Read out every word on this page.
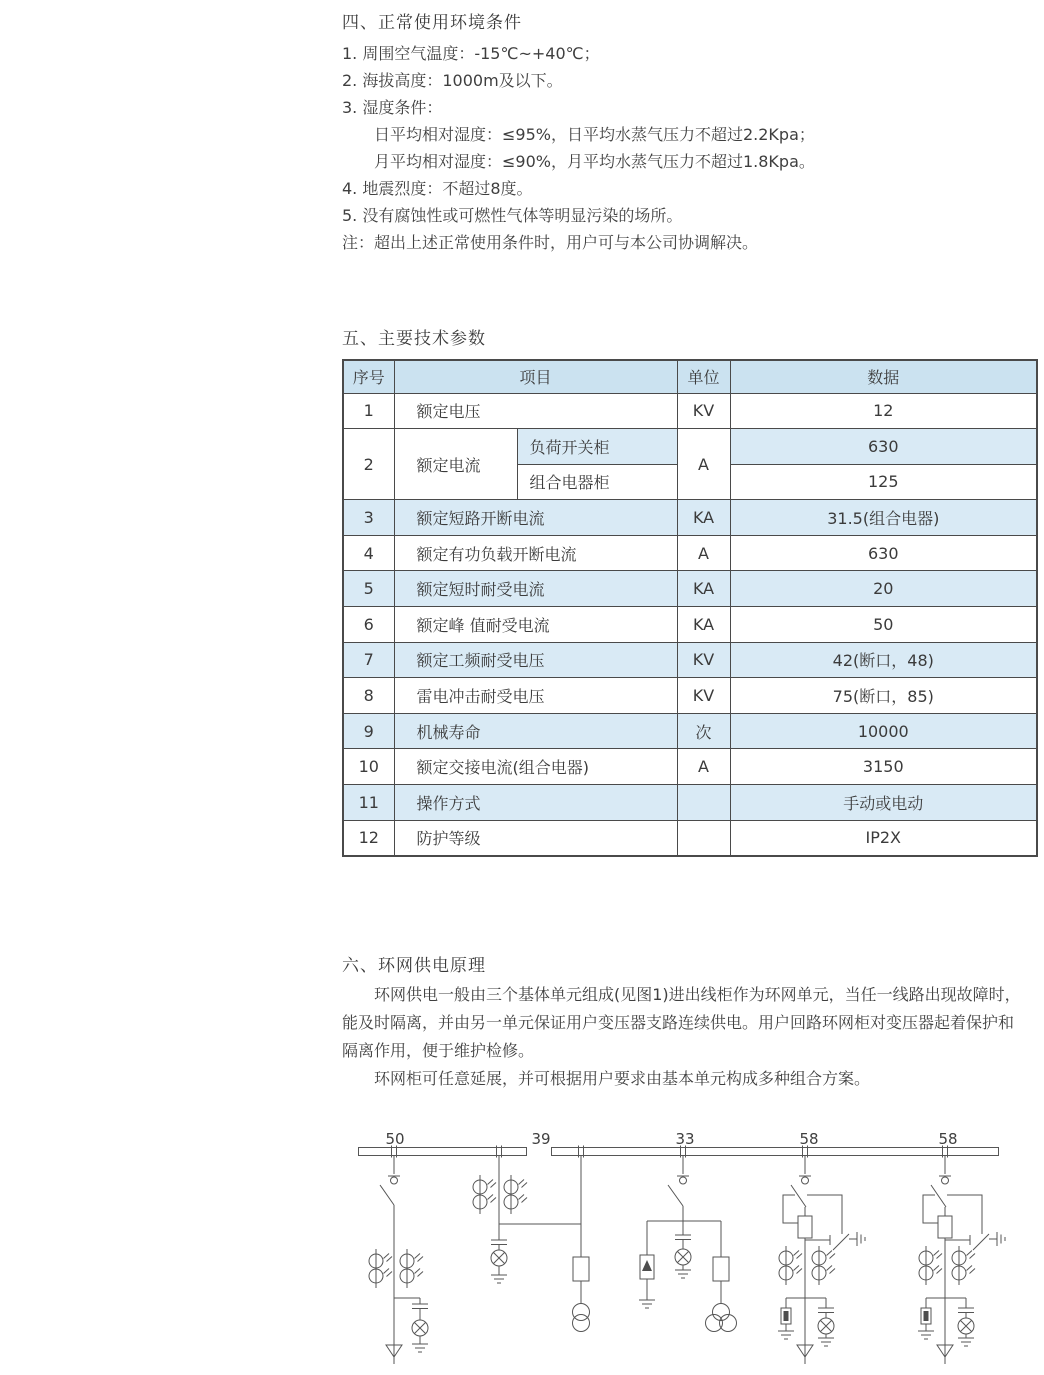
四、正常使用环境条件
1. 周围空气温度：-15℃~+40℃；
2. 海拔高度：1000m及以下。
3. 湿度条件：
日平均相对湿度：≤95%，日平均水蒸气压力不超过2.2Kpa；
月平均相对湿度：≤90%，月平均水蒸气压力不超过1.8Kpa。
4. 地震烈度：不超过8度。
5. 没有腐蚀性或可燃性气体等明显污染的场所。
注：超出上述正常使用条件时，用户可与本公司协调解决。
五、主要技术参数
序号	项目		单位	数据
1	额定电压		KV	12
2	额定电流	负荷开关柜	A	630
		组合电器柜		125
3	额定短路开断电流		KA	31.5(组合电器)
4	额定有功负载开断电流		A	630
5	额定短时耐受电流		KA	20
6	额定峰 值耐受电流		KA	50
7	额定工频耐受电压		KV	42(断口，48)
8	雷电冲击耐受电压		KV	75(断口，85)
9	机械寿命		次	10000
10	额定交接电流(组合电器)		A	3150
11	操作方式			手动或电动
12	防护等级			IP2X
六、环网供电原理
环网供电一般由三个基体单元组成(见图1)进出线柜作为环网单元，当任一线路出现故障时，
能及时隔离，并由另一单元保证用户变压器支路连续供电。用户回路环网柜对变压器起着保护和
隔离作用，便于维护检修。
环网柜可任意延展，并可根据用户要求由基本单元构成多种组合方案。
50	39	33	58	58
